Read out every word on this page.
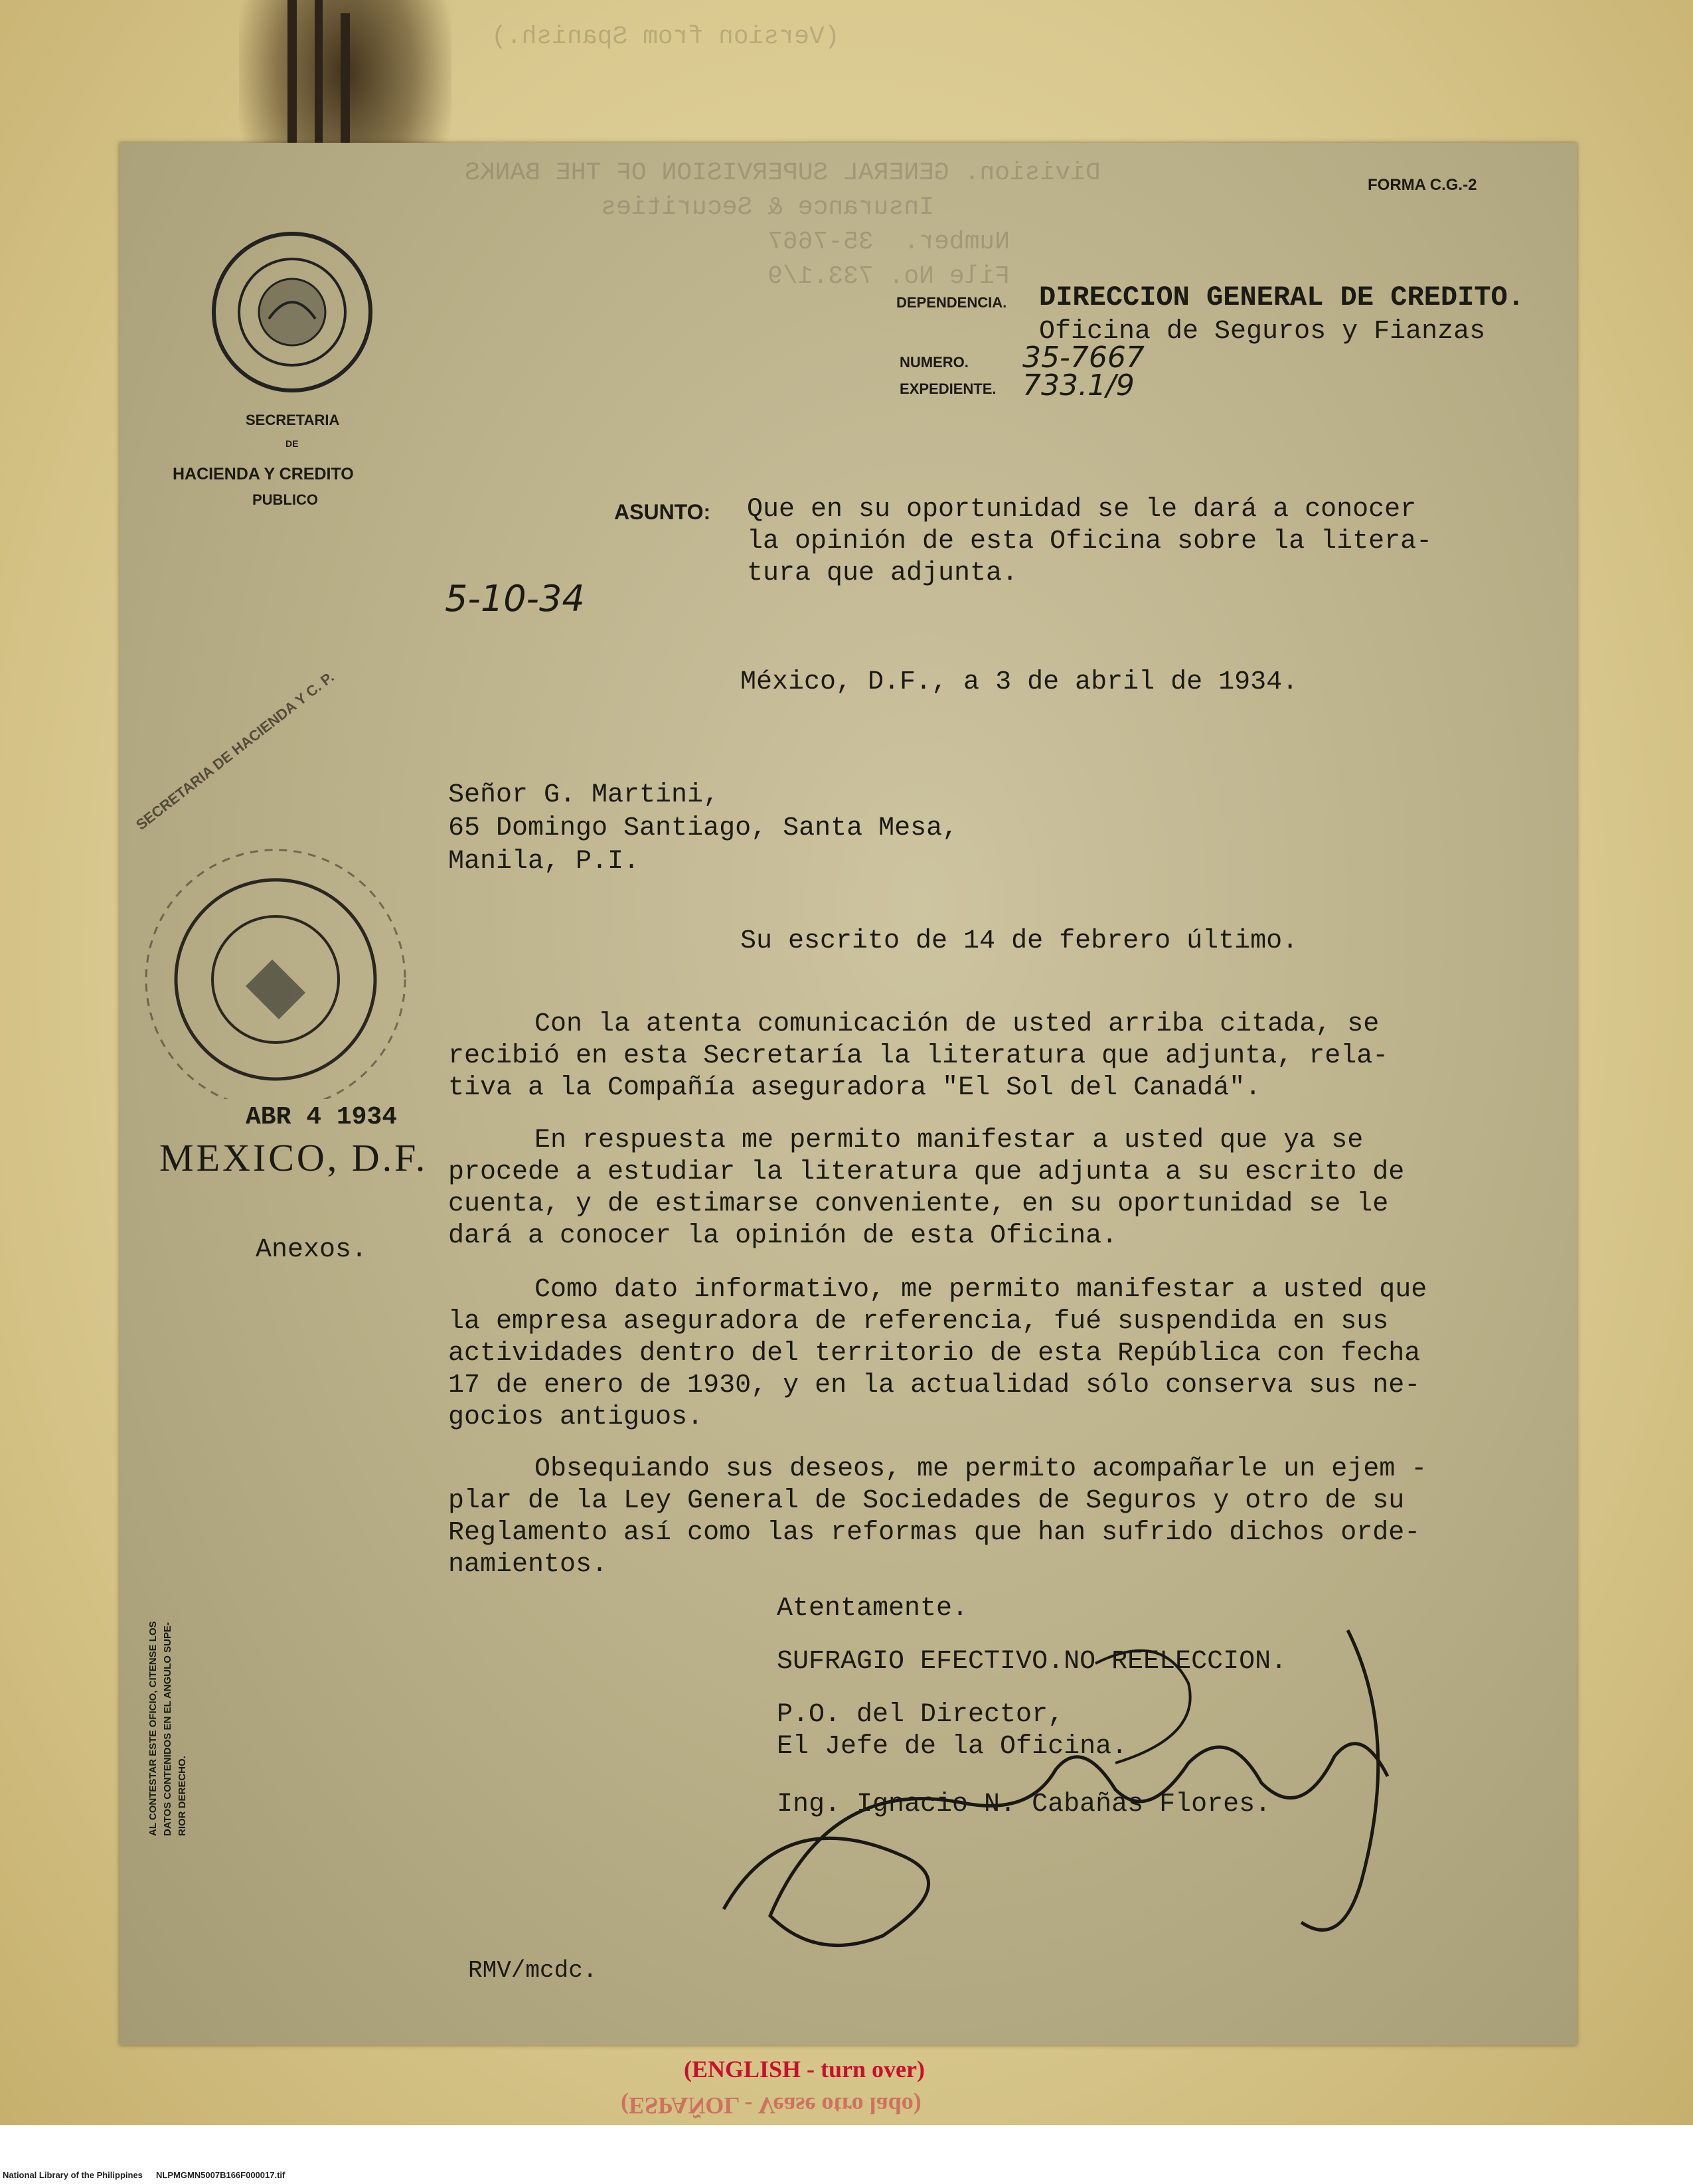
(Version from Spanish.)
Division. GENERAL SUPERVISION OF THE BANKS
Insurance & Securities
Number.  35-7667
File No. 733.1/9
FORMA C.G.-2
SECRETARIA
DE
HACIENDA Y CREDITO
PUBLICO
DEPENDENCIA. DIRECCION GENERAL DE CREDITO.
Oficina de Seguros y Fianzas
NUMERO. 35-7667
EXPEDIENTE. 733.1/9
ASUNTO: Que en su oportunidad se le dará a conocer
la opinión de esta Oficina sobre la litera-
tura que adjunta.
5-10-34
México, D.F., a 3 de abril de 1934.
Señor G. Martini,
65 Domingo Santiago, Santa Mesa,
Manila, P.I.
Su escrito de 14 de febrero último.
SECRETARIA DE HACIENDA Y C. P.
ABR 4 1934
MEXICO, D.F.
Con la atenta comunicación de usted arriba citada, se
recibió en esta Secretaría la literatura que adjunta, rela-
tiva a la Compañía aseguradora "El Sol del Canadá".
En respuesta me permito manifestar a usted que ya se
procede a estudiar la literatura que adjunta a su escrito de
cuenta, y de estimarse conveniente, en su oportunidad se le
dará a conocer la opinión de esta Oficina.
Como dato informativo, me permito manifestar a usted que
la empresa aseguradora de referencia, fué suspendida en sus
actividades dentro del territorio de esta República con fecha
17 de enero de 1930, y en la actualidad sólo conserva sus ne-
gocios antiguos.
Obsequiando sus deseos, me permito acompañarle un ejem -
plar de la Ley General de Sociedades de Seguros y otro de su
Reglamento así como las reformas que han sufrido dichos orde-
namientos.
Anexos.
Atentamente.
SUFRAGIO EFECTIVO.NO REELECCION.
P.O. del Director,
El Jefe de la Oficina.
Ing. Ignacio N. Cabañas Flores.
AL CONTESTAR ESTE OFICIO, CITENSE LOS DATOS CONTENIDOS EN EL ANGULO SUPE- RIOR DERECHO.
RMV/mcdc.
(ENGLISH - turn over)
(ESPAÑOL - Vease otro lado)
National Library of the Philippines NLPMGMN5007B166F000017.tif
